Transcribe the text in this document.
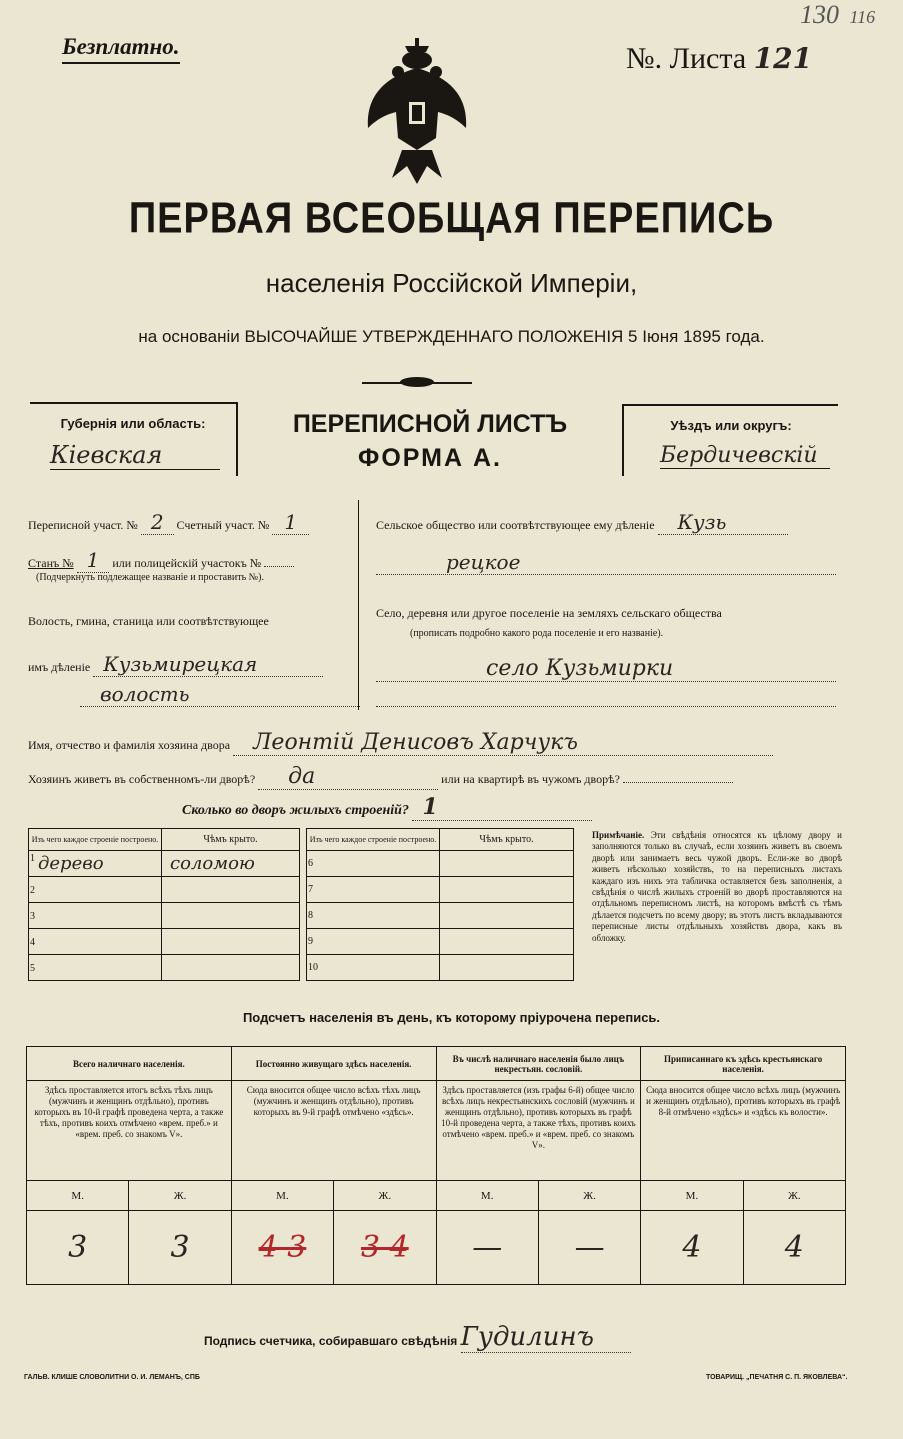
Безплатно.	№. Листа 121
130 116
ПЕРВАЯ ВСЕОБЩАЯ ПЕРЕПИСЬ
населенія Россійской Имперіи,
на основаніи ВЫСОЧАЙШЕ УТВЕРЖДЕННАГО ПОЛОЖЕНІЯ 5 Іюня 1895 года.
Губернія или область:
Кіевская
ПЕРЕПИСНОЙ ЛИСТЪ
ФОРМА А.
Уѣздъ или округъ:
Бердичевскій
Переписной участ. № 2 Счетный участ. № 1
Станъ № 1 или полицейскій участокъ №
(Подчеркнуть подлежащее названіе и проставить №).
Волость, гмина, станица или соотвѣтствующее
имъ дѣленіе Кузьмирецкая
волость
Сельское общество или соотвѣтствующее ему дѣленіе Кузь
рецкое
Село, деревня или другое поселеніе на земляхъ сельскаго общества
(прописать подробно какого рода поселеніе и его названіе).
село Кузьмирки
Имя, отчество и фамилія хозяина двора Леонтій Денисовъ Харчукъ
Хозяинъ живетъ въ собственномъ-ли дворѣ? да	или на квартирѣ въ чужомъ дворѣ?
Сколько во дворъ жилыхъ строеній? 1
Изъ чего каждое строеніе построено.	Чѣмъ крыто.
$^1$ дерево	соломою
2	
3	
4	
5	
Изъ чего каждое строеніе построено.	Чѣмъ крыто.
6	
7	
8	
9	
10	
Примѣчаніе. Эти свѣдѣнія относятся къ цѣлому двору и заполняются только въ случаѣ, если хозяинъ живетъ въ своемъ дворѣ или занимаетъ весь чужой дворъ. Если-же во дворѣ живетъ нѣсколько хозяйствъ, то на переписныхъ листахъ каждаго изъ нихъ эта табличка оставляется безъ заполненія, а свѣдѣнія о числѣ жилыхъ строеній во дворѣ проставляются на отдѣльномъ переписномъ листѣ, на которомъ вмѣстѣ съ тѣмъ дѣлается подсчетъ по всему двору; въ этотъ листъ вкладываются переписные листы отдѣльныхъ хозяйствъ двора, какъ въ обложку.
Подсчетъ населенія въ день, къ которому пріурочена перепись.
Всего наличнаго населенія.		Постоянно живущаго здѣсь населенія.		Въ числѣ наличнаго населенія было лицъ некрестьян. сословій.		Приписаннаго къ здѣсь крестьянскаго населенія.	
Здѣсь проставляется итогъ всѣхъ тѣхъ лицъ (мужчинъ и женщинъ отдѣльно), противъ которыхъ въ 10-й графѣ проведена черта, а также тѣхъ, противъ коихъ отмѣчено «врем. преб.» и «врем. преб. со знакомъ V».		Сюда вносится общее число всѣхъ тѣхъ лицъ (мужчинъ и женщинъ отдѣльно), противъ которыхъ въ 9-й графѣ отмѣчено «здѣсь».		Здѣсь проставляется (изъ графы 6-й) общее число всѣхъ лицъ некрестьянскихъ сословій (мужчинъ и женщинъ отдѣльно), противъ которыхъ въ графѣ 10-й проведена черта, а также тѣхъ, противъ коихъ отмѣчено «врем. преб.» и «врем. преб. со знакомъ V».		Сюда вносится общее число всѣхъ лицъ (мужчинъ и женщинъ отдѣльно), противъ которыхъ въ графѣ 8-й отмѣчено «здѣсь» и «здѣсь къ волости».	
М.	Ж.	М.	Ж.	М.	Ж.	М.	Ж.
3	3	4 3	3 4	—	—	4	4
Подпись счетчика, собиравшаго свѣдѣнія Гудилинъ
ГАЛЬВ. КЛИШЕ СЛОВОЛИТНИ О. И. ЛЕМАНЪ, СПБ	ТОВАРИЩ. „ПЕЧАТНЯ С. П. ЯКОВЛЕВА“.
